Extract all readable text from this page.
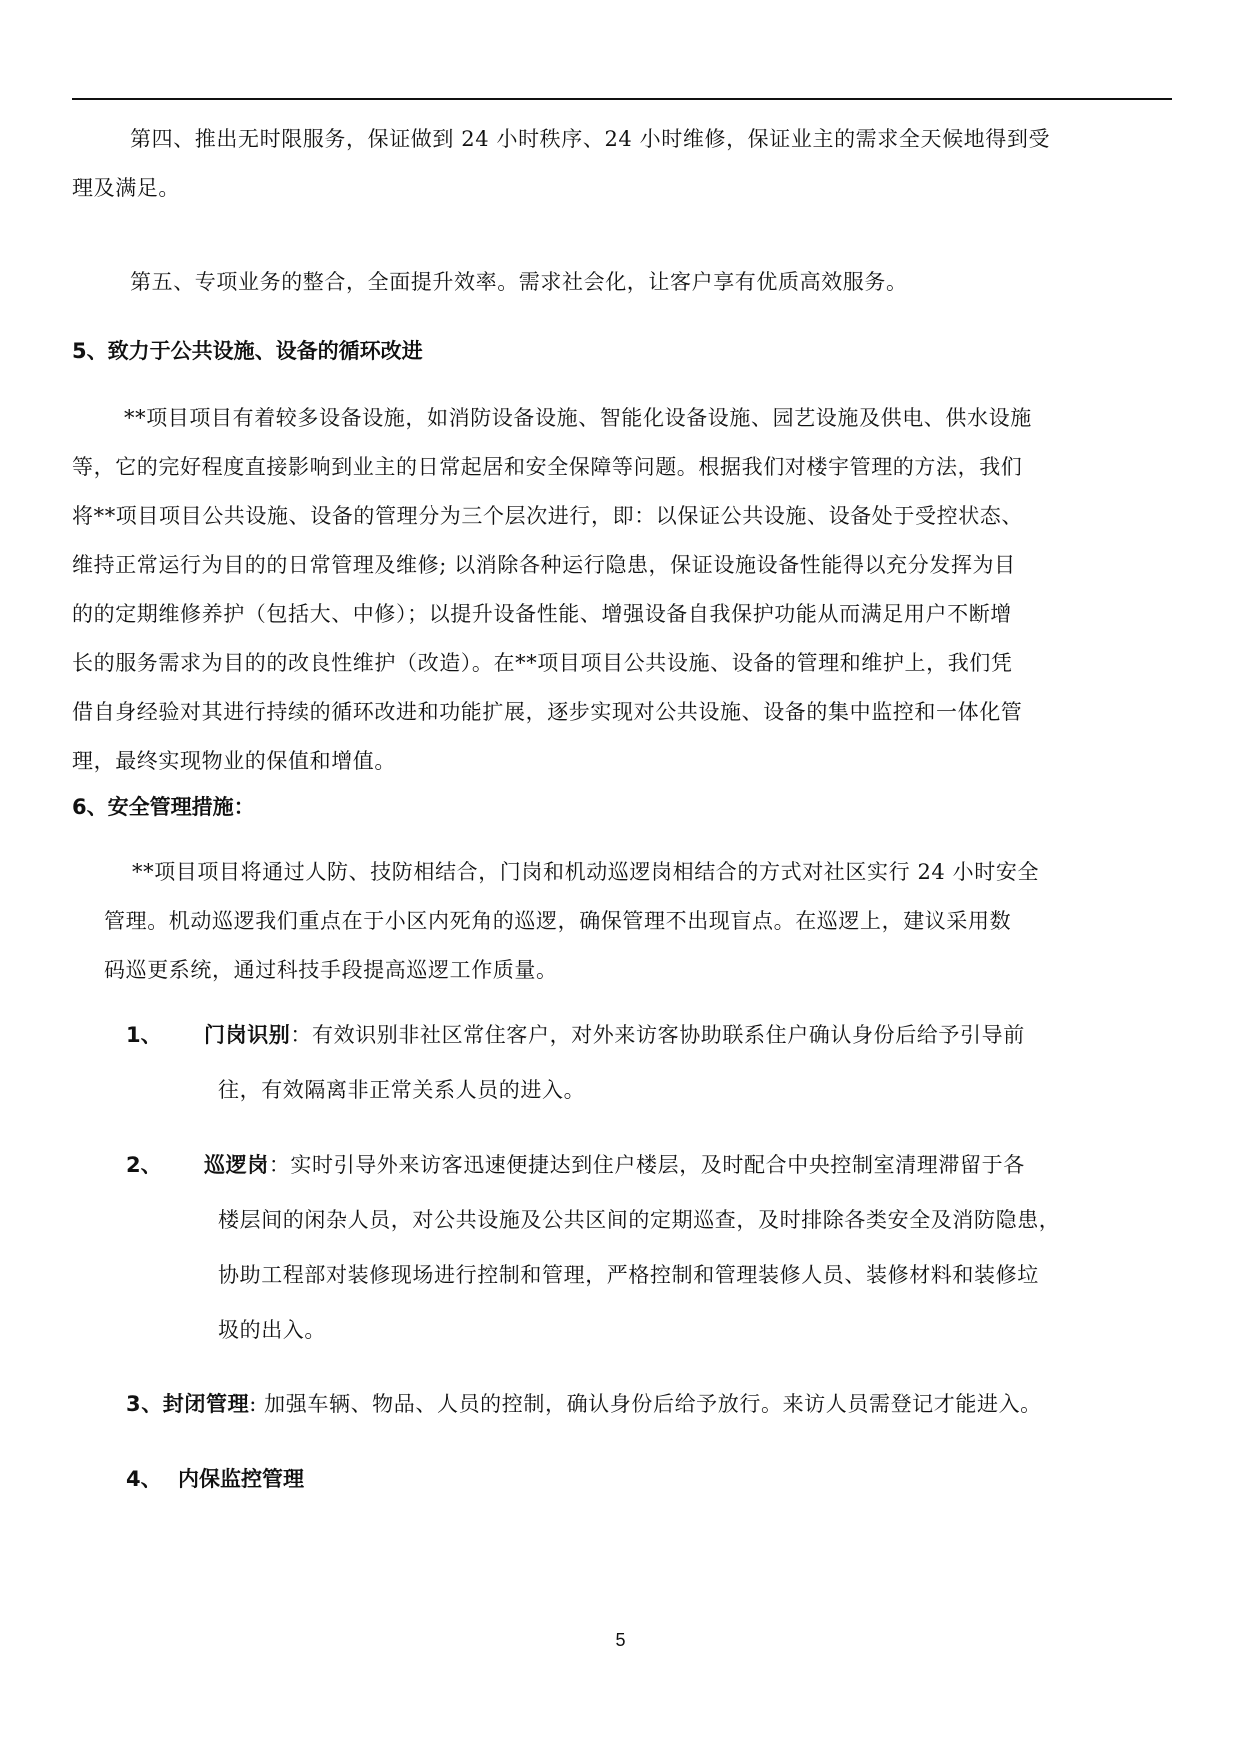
第四、推出无时限服务，保证做到 24 小时秩序、24 小时维修，保证业主的需求全天候地得到受

理及满足。

第五、专项业务的整合，全面提升效率。需求社会化，让客户享有优质高效服务。

5、致力于公共设施、设备的循环改进

**项目项目有着较多设备设施，如消防设备设施、智能化设备设施、园艺设施及供电、供水设施

等，它的完好程度直接影响到业主的日常起居和安全保障等问题。根据我们对楼宇管理的方法，我们

将**项目项目公共设施、设备的管理分为三个层次进行，即：以保证公共设施、设备处于受控状态、

维持正常运行为目的的日常管理及维修; 以消除各种运行隐患，保证设施设备性能得以充分发挥为目

的的定期维修养护（包括大、中修）；以提升设备性能、增强设备自我保护功能从而满足用户不断增

长的服务需求为目的的改良性维护（改造）。在**项目项目公共设施、设备的管理和维护上，我们凭

借自身经验对其进行持续的循环改进和功能扩展，逐步实现对公共设施、设备的集中监控和一体化管

理，最终实现物业的保值和增值。

6、安全管理措施：

**项目项目将通过人防、技防相结合，门岗和机动巡逻岗相结合的方式对社区实行 24 小时安全

管理。机动巡逻我们重点在于小区内死角的巡逻，确保管理不出现盲点。在巡逻上，建议采用数

码巡更系统，通过科技手段提高巡逻工作质量。

1、 门岗识别：有效识别非社区常住客户，对外来访客协助联系住户确认身份后给予引导前

往，有效隔离非正常关系人员的进入。

2、 巡逻岗：实时引导外来访客迅速便捷达到住户楼层，及时配合中央控制室清理滞留于各

楼层间的闲杂人员，对公共设施及公共区间的定期巡查，及时排除各类安全及消防隐患，

协助工程部对装修现场进行控制和管理，严格控制和管理装修人员、装修材料和装修垃

圾的出入。

3、封闭管理: 加强车辆、物品、人员的控制，确认身份后给予放行。来访人员需登记才能进入。

4、 内保监控管理
5
